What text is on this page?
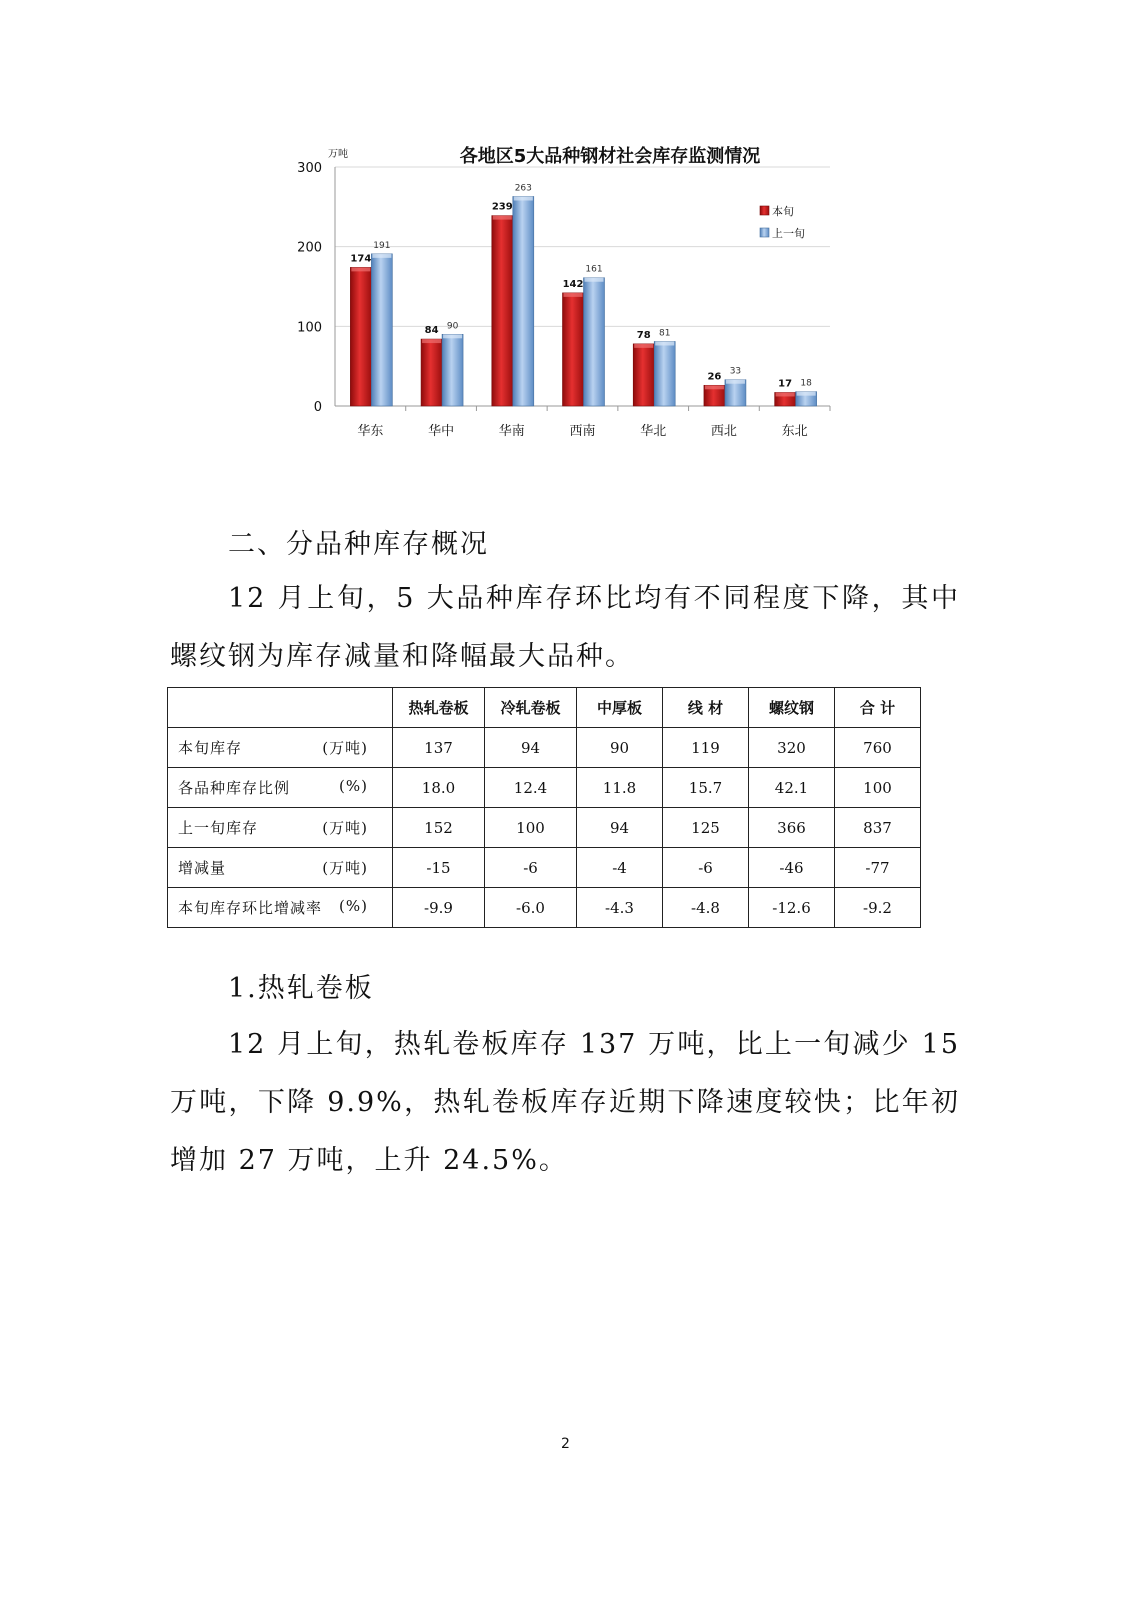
0
100
200
300
华东
174
191
华中
84 90
华南
239
263
西南
142
161
华北
78 81
西北
26 33
东北
17 18
各地区5大品种钢材社会库存监测情况
万吨
本旬
上一旬
二、分品种库存概况
12 月上旬，5 大品种库存环比均有不同程度下降，其中螺纹钢为库存减量和降幅最大品种。
	热轧卷板	冷轧卷板	中厚板	线 材	螺纹钢	合 计

本旬库存 (万吨)	137	94	90	119	320	760

各品种库存比例 (%)	18.0	12.4	11.8	15.7	42.1	100

上一旬库存 (万吨)	152	100	94	125	366	837

增减量 (万吨)	-15	-6	-4	-6	-46	-77

本旬库存环比增减率 (%)	-9.9	-6.0	-4.3	-4.8	-12.6	-9.2
1.热轧卷板
12 月上旬，热轧卷板库存 137 万吨，比上一旬减少 15 万吨，下降 9.9%，热轧卷板库存近期下降速度较快；比年初增加 27 万吨，上升 24.5%。
2
